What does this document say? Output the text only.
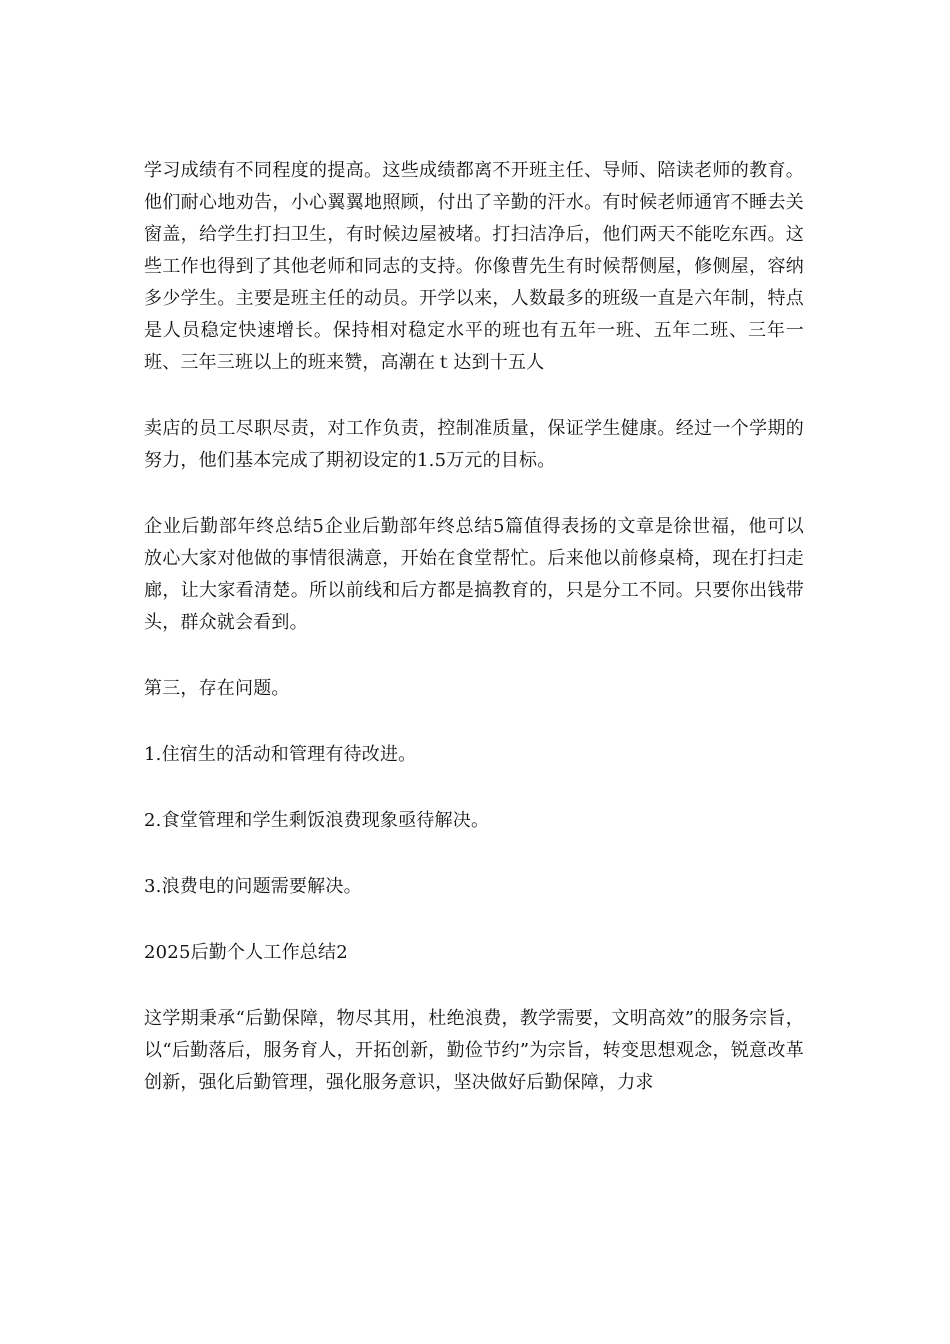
学习成绩有不同程度的提高。这些成绩都离不开班主任、导师、陪读老师的教育。他们耐心地劝告，小心翼翼地照顾，付出了辛勤的汗水。有时候老师通宵不睡去关窗盖，给学生打扫卫生，有时候边屋被堵。打扫洁净后，他们两天不能吃东西。这些工作也得到了其他老师和同志的支持。你像曹先生有时候帮侧屋，修侧屋，容纳多少学生。主要是班主任的动员。开学以来，人数最多的班级一直是六年制，特点是人员稳定快速增长。保持相对稳定水平的班也有五年一班、五年二班、三年一班、三年三班以上的班来赞，高潮在ｔ达到十五人

卖店的员工尽职尽责，对工作负责，控制准质量，保证学生健康。经过一个学期的努力，他们基本完成了期初设定的1.5万元的目标。

企业后勤部年终总结5企业后勤部年终总结5篇值得表扬的文章是徐世福，他可以放心大家对他做的事情很满意，开始在食堂帮忙。后来他以前修桌椅，现在打扫走廊，让大家看清楚。所以前线和后方都是搞教育的，只是分工不同。只要你出钱带头，群众就会看到。

第三，存在问题。

1.住宿生的活动和管理有待改进。

2.食堂管理和学生剩饭浪费现象亟待解决。

3.浪费电的问题需要解决。

2025后勤个人工作总结2

这学期秉承“后勤保障，物尽其用，杜绝浪费，教学需要，文明高效”的服务宗旨，以“后勤落后，服务育人，开拓创新，勤俭节约”为宗旨，转变思想观念，锐意改革创新，强化后勤管理，强化服务意识，坚决做好后勤保障，力求
